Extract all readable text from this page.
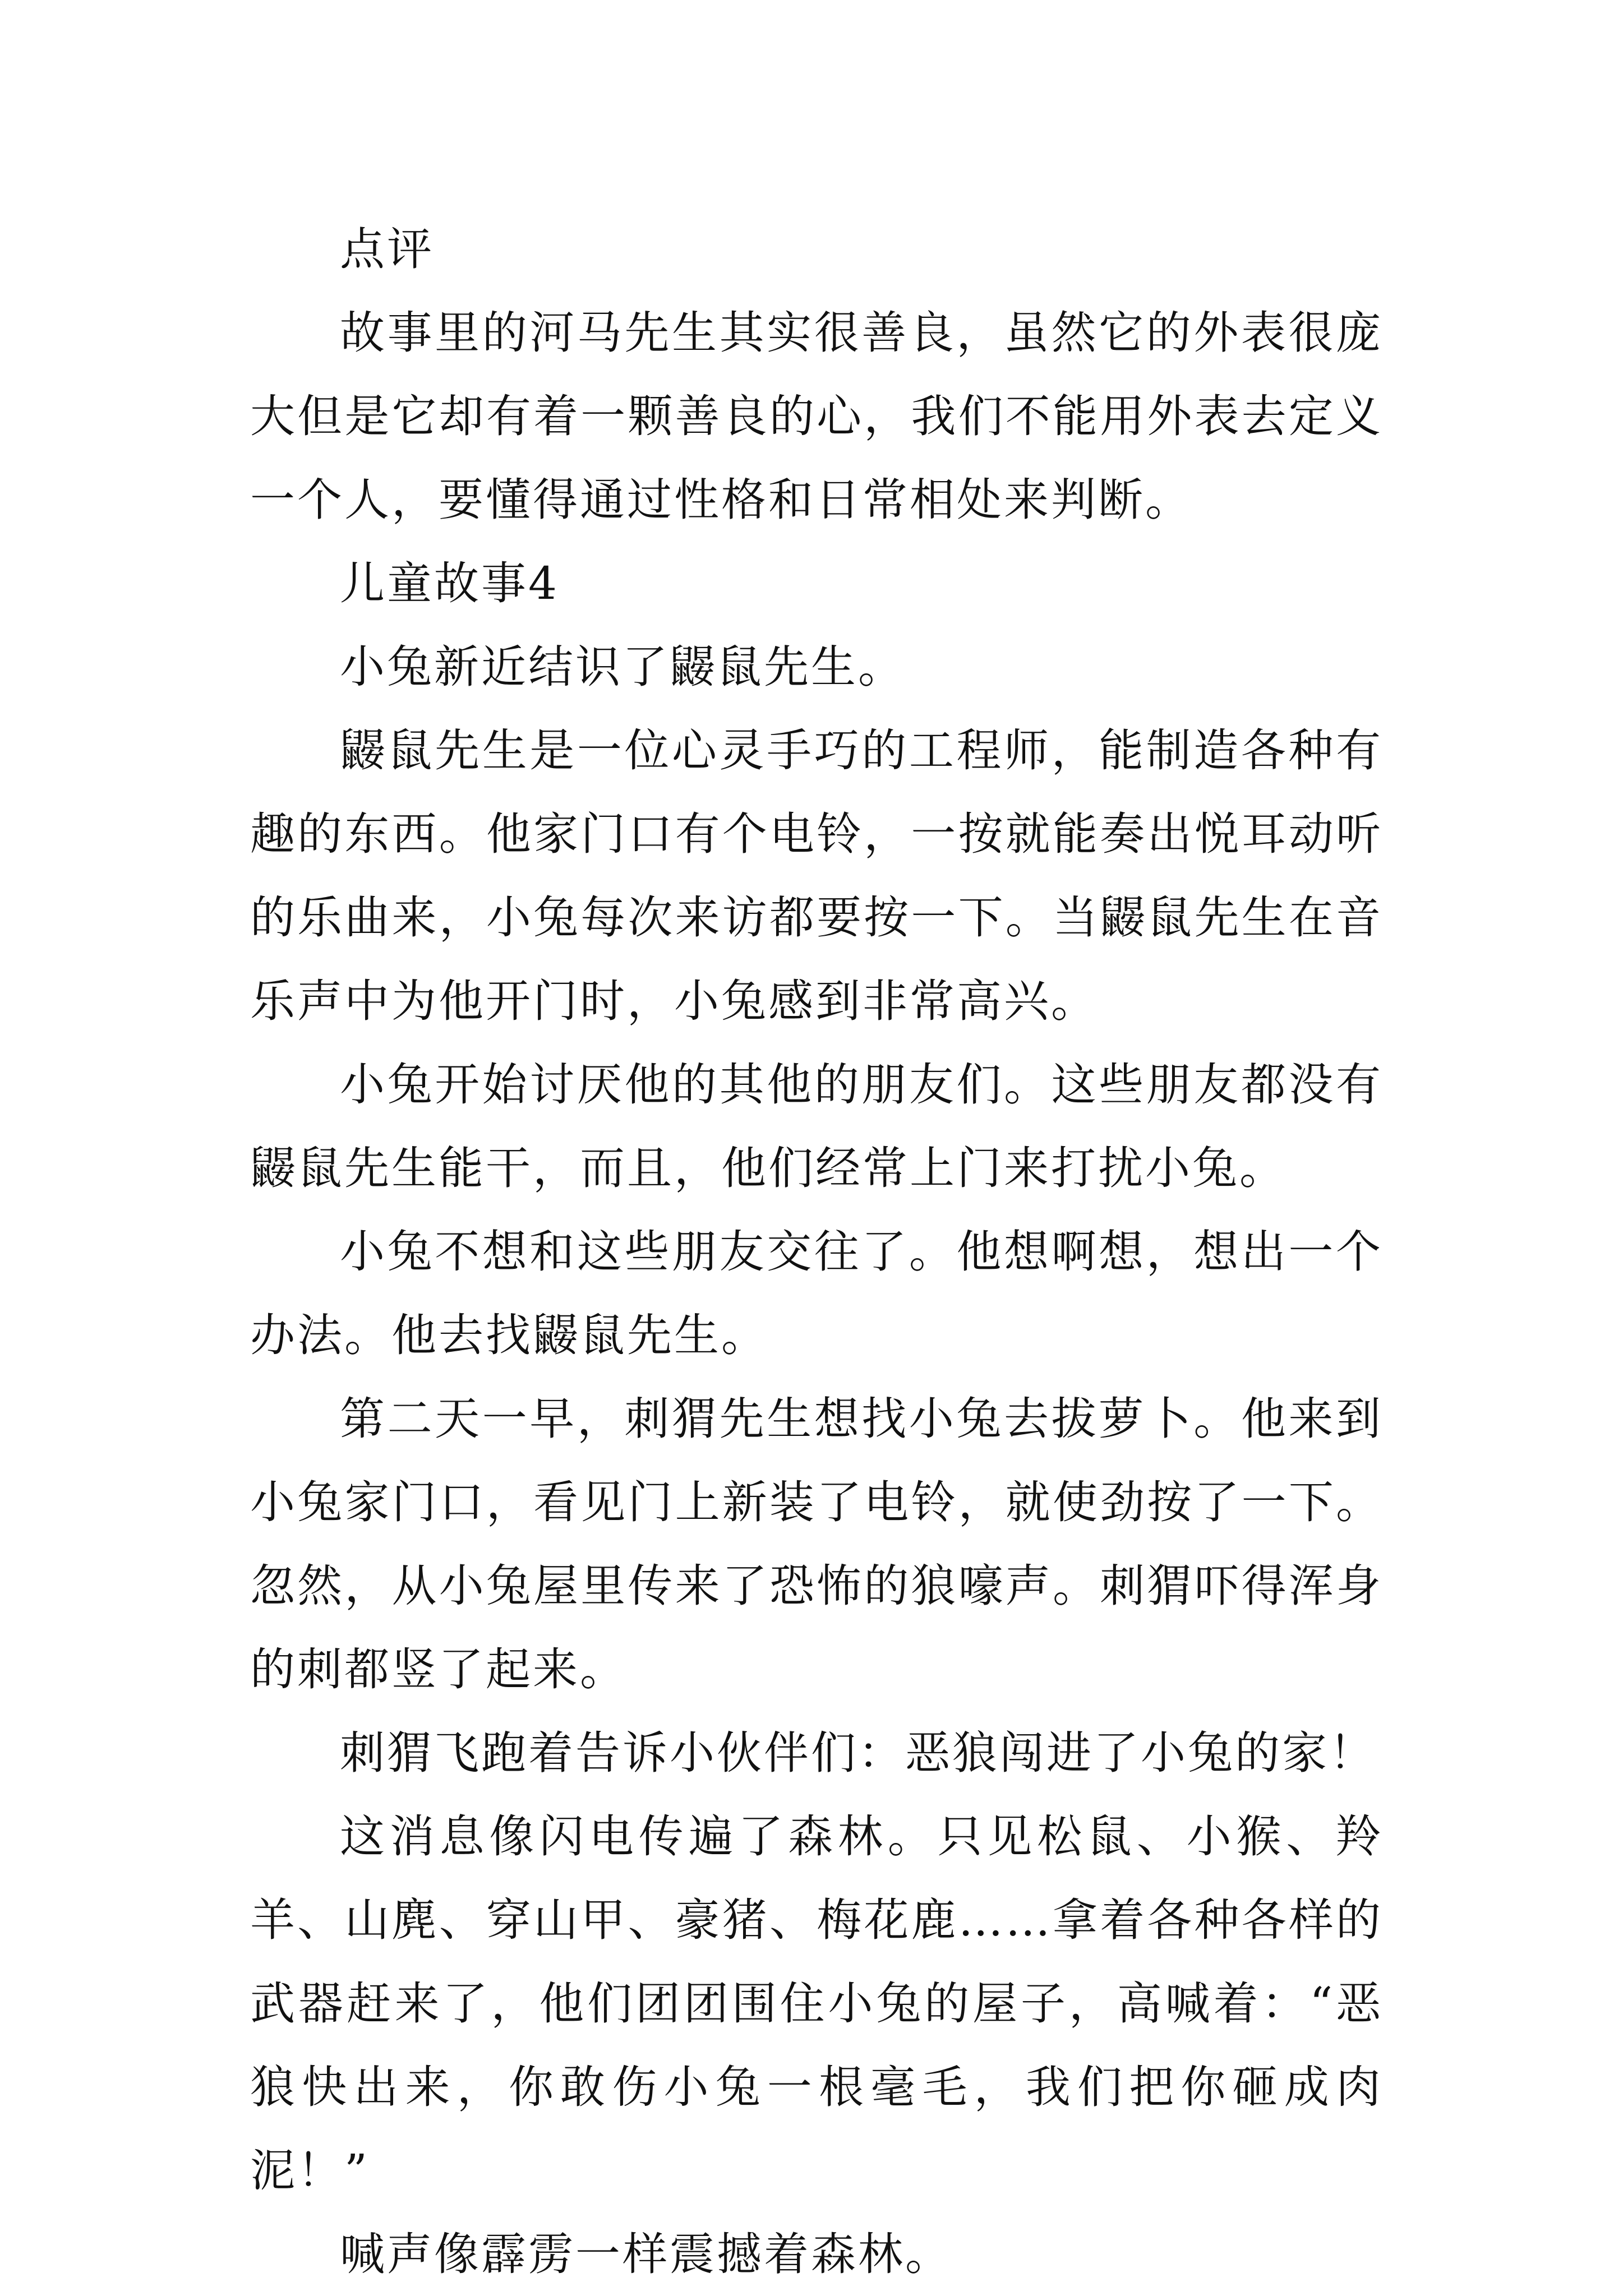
点评

故事里的河马先生其实很善良，虽然它的外表很庞大但是它却有着一颗善良的心，我们不能用外表去定义一个人，要懂得通过性格和日常相处来判断。

儿童故事4

小兔新近结识了鼹鼠先生。

鼹鼠先生是一位心灵手巧的工程师，能制造各种有趣的东西。他家门口有个电铃，一按就能奏出悦耳动听的乐曲来，小兔每次来访都要按一下。当鼹鼠先生在音乐声中为他开门时，小兔感到非常高兴。

小兔开始讨厌他的其他的朋友们。这些朋友都没有鼹鼠先生能干，而且，他们经常上门来打扰小兔。

小兔不想和这些朋友交往了。他想啊想，想出一个办法。他去找鼹鼠先生。

第二天一早，刺猬先生想找小兔去拔萝卜。他来到小兔家门口，看见门上新装了电铃，就使劲按了一下。忽然，从小兔屋里传来了恐怖的狼嚎声。刺猬吓得浑身的刺都竖了起来。

刺猬飞跑着告诉小伙伴们：恶狼闯进了小兔的家！

这消息像闪电传遍了森林。只见松鼠、小猴、羚羊、山麂、穿山甲、豪猪、梅花鹿……拿着各种各样的武器赶来了，他们团团围住小兔的屋子，高喊着：“恶狼快出来，你敢伤小兔一根毫毛，我们把你砸成肉泥！”

喊声像霹雳一样震撼着森林。
